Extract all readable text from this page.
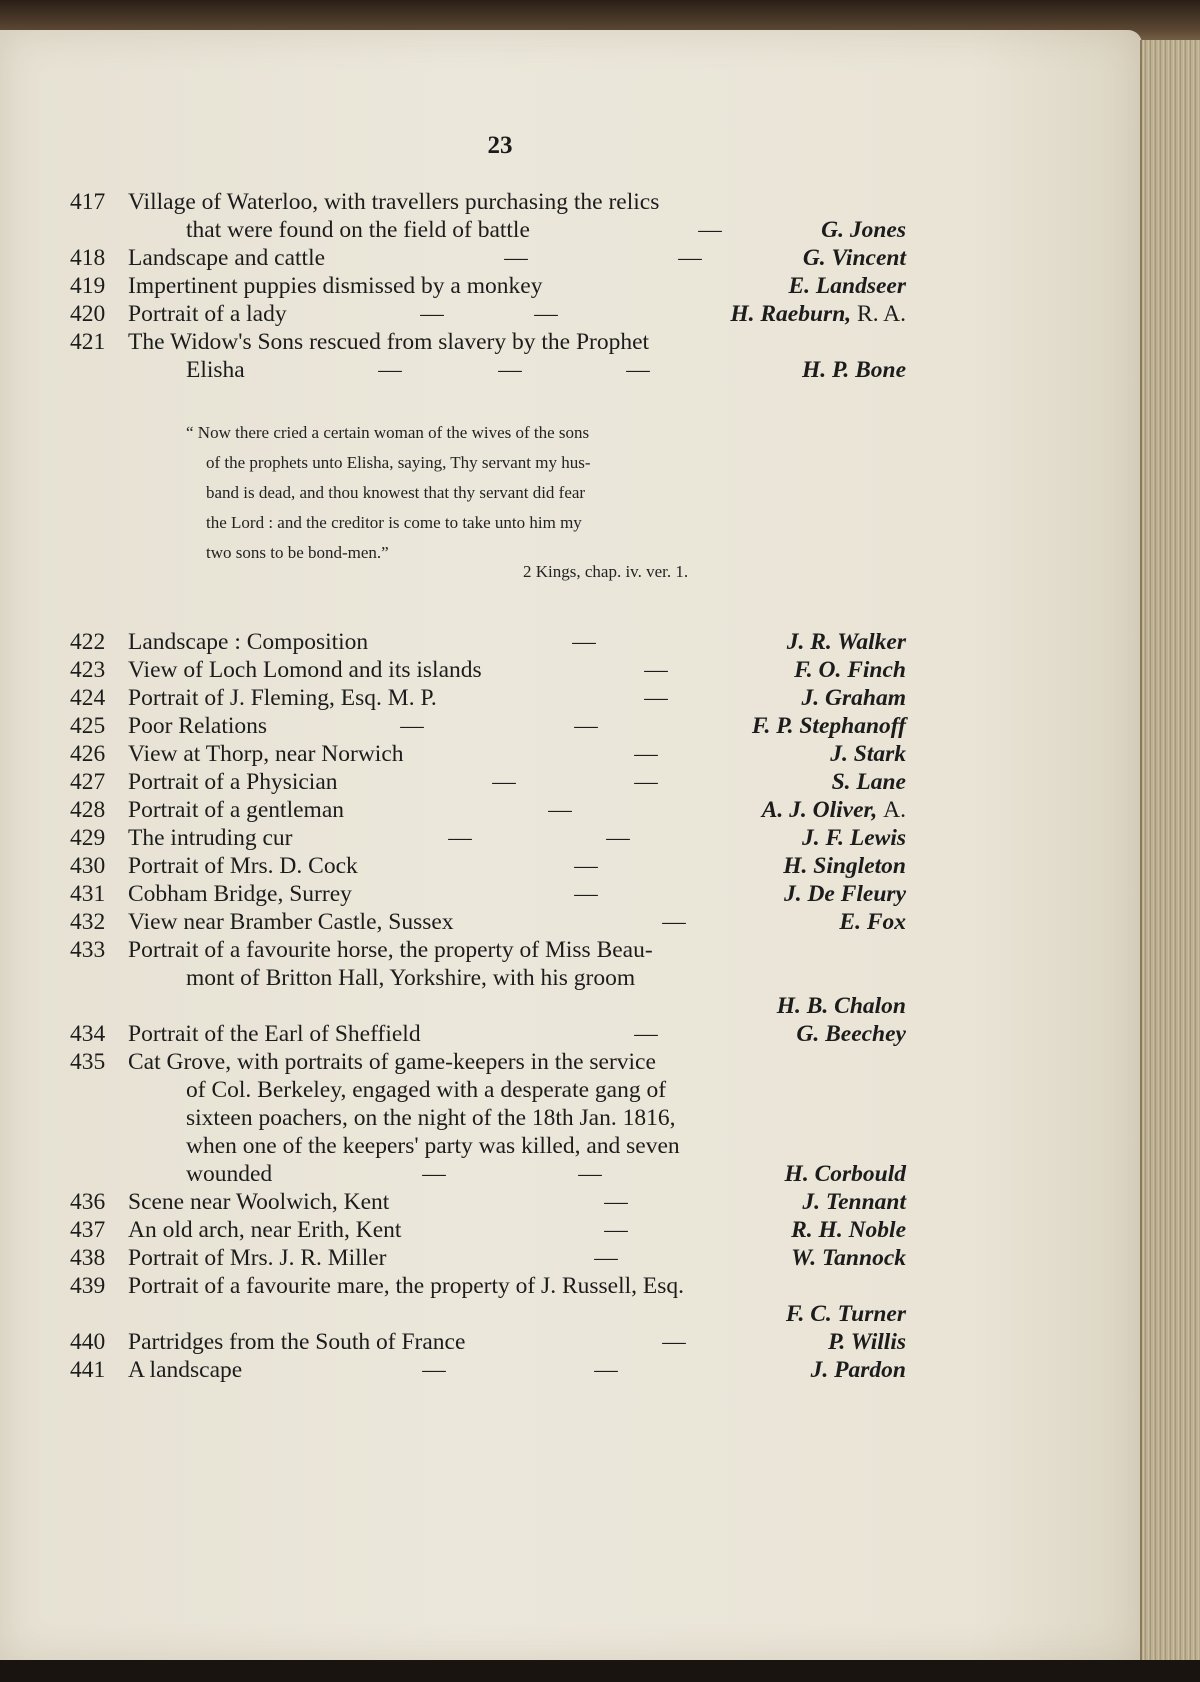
23
417 Village of Waterloo, with travellers purchasing the relics
that were found on the field of battle	—	G. Jones
418 Landscape and cattle	—	—	G. Vincent
419 Impertinent puppies dismissed by a monkey	E. Landseer
420 Portrait of a lady	—	—	H. Raeburn, R. A.
421 The Widow's Sons rescued from slavery by the Prophet
Elisha	—	—	—	H. P. Bone
“ Now there cried a certain woman of the wives of the sons
of the prophets unto Elisha, saying, Thy servant my hus-
band is dead, and thou knowest that thy servant did fear
the Lord : and the creditor is come to take unto him my
two sons to be bond-men.”
2 Kings, chap. iv. ver. 1.
422 Landscape : Composition	—	J. R. Walker
423 View of Loch Lomond and its islands	—	F. O. Finch
424 Portrait of J. Fleming, Esq. M. P.	—	J. Graham
425 Poor Relations	—	—	F. P. Stephanoff
426 View at Thorp, near Norwich	—	J. Stark
427 Portrait of a Physician	—	—	S. Lane
428 Portrait of a gentleman	—	A. J. Oliver, A.
429 The intruding cur	—	—	J. F. Lewis
430 Portrait of Mrs. D. Cock	—	H. Singleton
431 Cobham Bridge, Surrey	—	J. De Fleury
432 View near Bramber Castle, Sussex	—	E. Fox
433 Portrait of a favourite horse, the property of Miss Beau-
mont of Britton Hall, Yorkshire, with his groom
H. B. Chalon
434 Portrait of the Earl of Sheffield	—	G. Beechey
435 Cat Grove, with portraits of game-keepers in the service
of Col. Berkeley, engaged with a desperate gang of
sixteen poachers, on the night of the 18th Jan. 1816,
when one of the keepers' party was killed, and seven
wounded	—	—	H. Corbould
436 Scene near Woolwich, Kent	—	J. Tennant
437 An old arch, near Erith, Kent	—	R. H. Noble
438 Portrait of Mrs. J. R. Miller	—	W. Tannock
439 Portrait of a favourite mare, the property of J. Russell, Esq.
F. C. Turner
440 Partridges from the South of France	—	P. Willis
441 A landscape	—	—	J. Pardon
